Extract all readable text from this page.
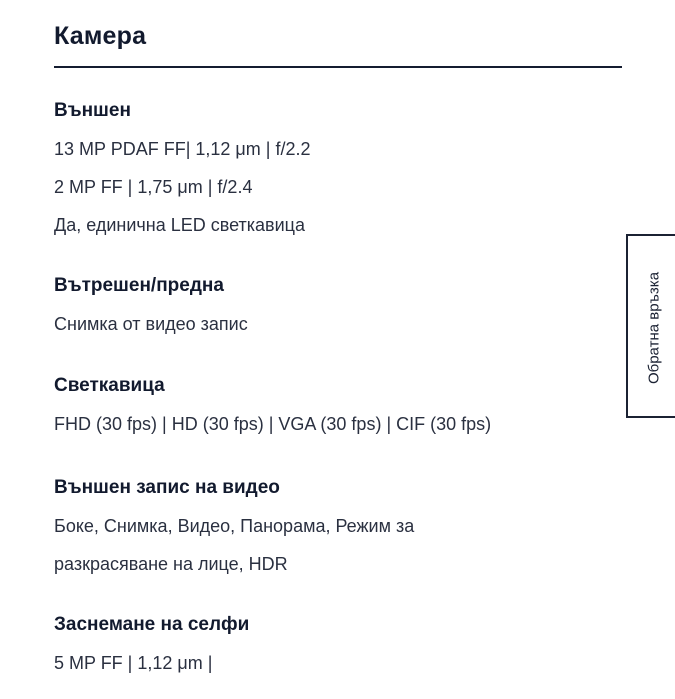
Камера

Външен

13 MP PDAF FF| 1,12 μm | f/2.2

2 MP FF | 1,75 μm | f/2.4

Да, единична LED светкавица

Вътрешен/предна

Снимка от видео запис

Светкавица

FHD (30 fps) | HD (30 fps) | VGA (30 fps) | CIF (30 fps)

Външен запис на видео

Боке, Снимка, Видео, Панорама, Режим за

разкрасяване на лице, HDR

Заснемане на селфи

5 MP FF | 1,12 μm |

Обратна връзка
